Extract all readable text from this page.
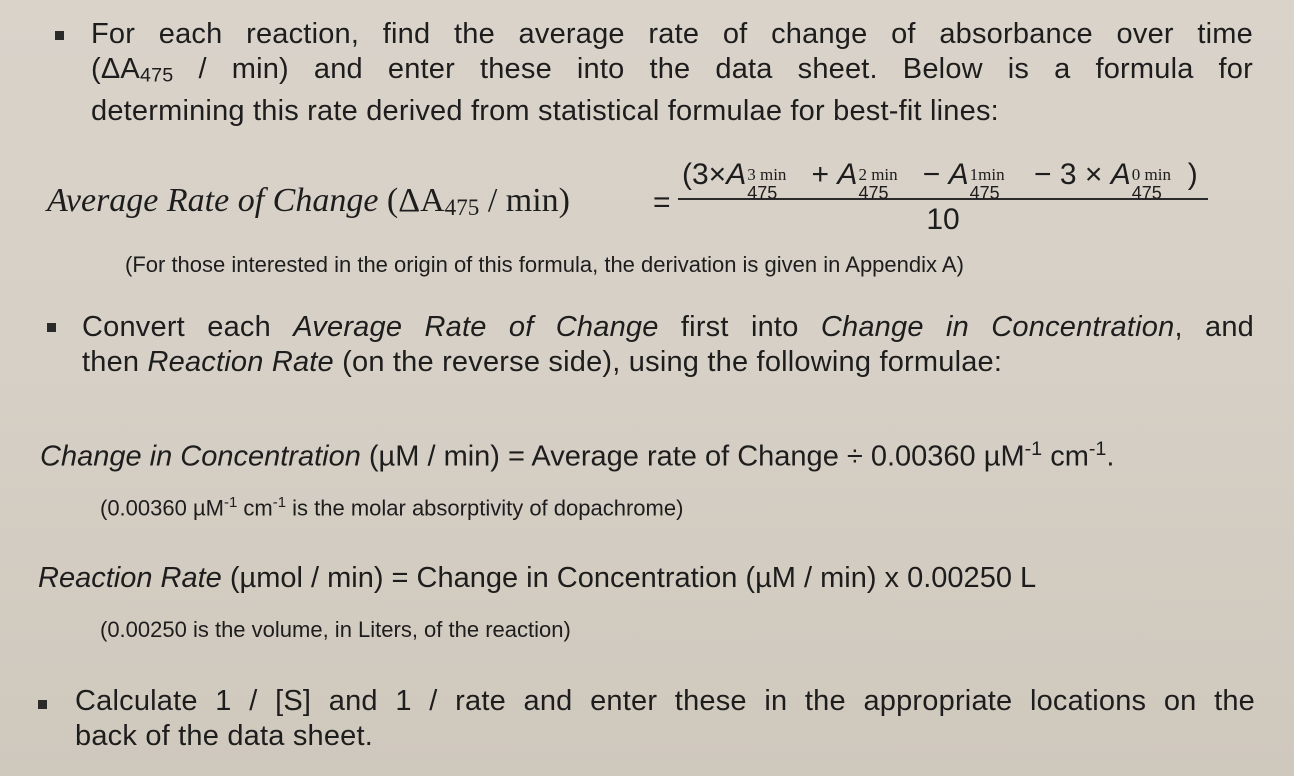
For each reaction, find the average rate of change of absorbance over time
(ΔA475 / min) and enter these into the data sheet. Below is a formula for
determining this rate derived from statistical formulae for best-fit lines:
Average Rate of Change (ΔA475 / min)	=
(3×A 3 min
475
+ A 2 min
475
− A 1min
475
− 3 × A 0 min
475
)
10
(For those interested in the origin of this formula, the derivation is given in Appendix A)
Convert each Average Rate of Change first into Change in Concentration, and
then Reaction Rate (on the reverse side), using the following formulae:
Change in Concentration (µM / min) = Average rate of Change ÷ 0.00360 µM$^{-1}$ $cm^{-1}$.
(0.00360 µM$^{-1}$ $cm^{-1}$ is the molar absorptivity of dopachrome)
Reaction Rate (µmol / min) = Change in Concentration (µM / min) x 0.00250 L
(0.00250 is the volume, in Liters, of the reaction)
Calculate 1 / [S] and 1 / rate and enter these in the appropriate locations on the
back of the data sheet.
